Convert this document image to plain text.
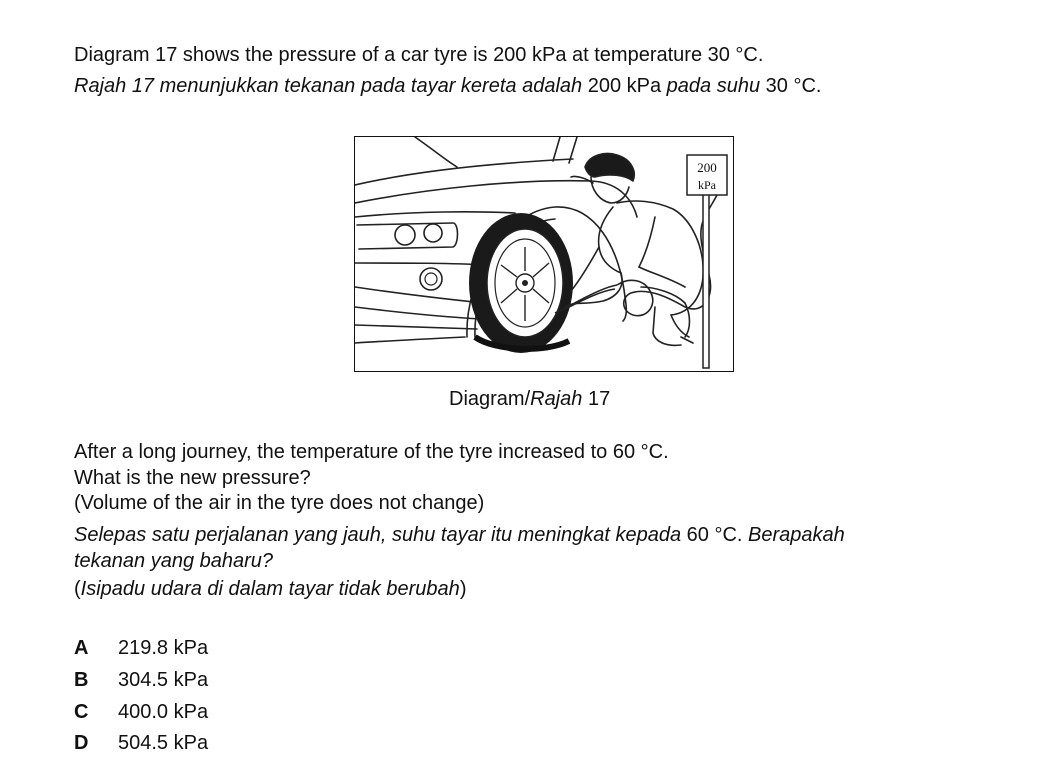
Diagram 17 shows the pressure of a car tyre is 200 kPa at temperature 30 °C.
Rajah 17 menunjukkan tekanan pada tayar kereta adalah 200 kPa pada suhu 30 °C.
200
kPa
Diagram/Rajah 17
After a long journey, the temperature of the tyre increased to 60 °C.
What is the new pressure?
(Volume of the air in the tyre does not change)
Selepas satu perjalanan yang jauh, suhu tayar itu meningkat kepada 60 °C. Berapakah
tekanan yang baharu?
(Isipadu udara di dalam tayar tidak berubah)
A 219.8 kPa
B 304.5 kPa
C 400.0 kPa
D 504.5 kPa
